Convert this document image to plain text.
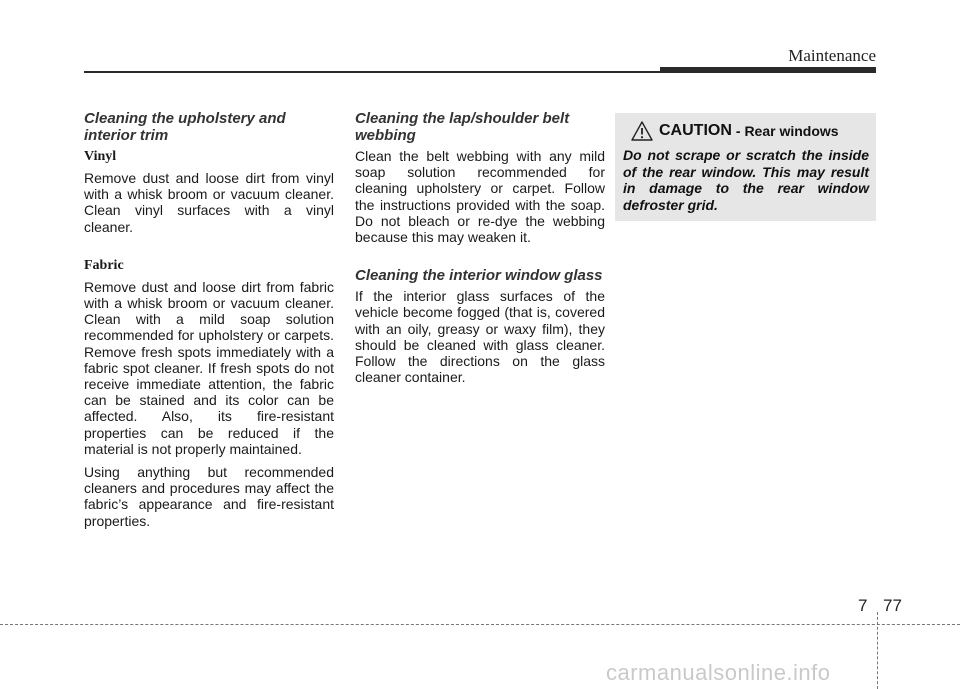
Maintenance
Cleaning the upholstery and interior trim
Vinyl
Remove dust and loose dirt from vinyl with a whisk broom or vacuum cleaner. Clean vinyl surfaces with a vinyl cleaner.
Fabric
Remove dust and loose dirt from fabric with a whisk broom or vacuum cleaner. Clean with a mild soap solution recommended for upholstery or carpets. Remove fresh spots immediately with a fabric spot cleaner. If fresh spots do not receive immediate attention, the fabric can be stained and its color can be affected. Also, its fire-resistant properties can be reduced if the material is not properly maintained.
Using anything but recommended cleaners and procedures may affect the fabric’s appearance and fire-resistant properties.
Cleaning the lap/shoulder belt webbing
Clean the belt webbing with any mild soap solution recommended for cleaning upholstery or carpet. Follow the instructions provided with the soap. Do not bleach or re-dye the webbing because this may weaken it.
Cleaning the interior window glass
If the interior glass surfaces of the vehicle become fogged (that is, covered with an oily, greasy or waxy film), they should be cleaned with glass cleaner. Follow the directions on the glass cleaner container.
CAUTION - Rear windows
Do not scrape or scratch the inside of the rear window. This may result in damage to the rear window defroster grid.
7 77
carmanualsonline.info
